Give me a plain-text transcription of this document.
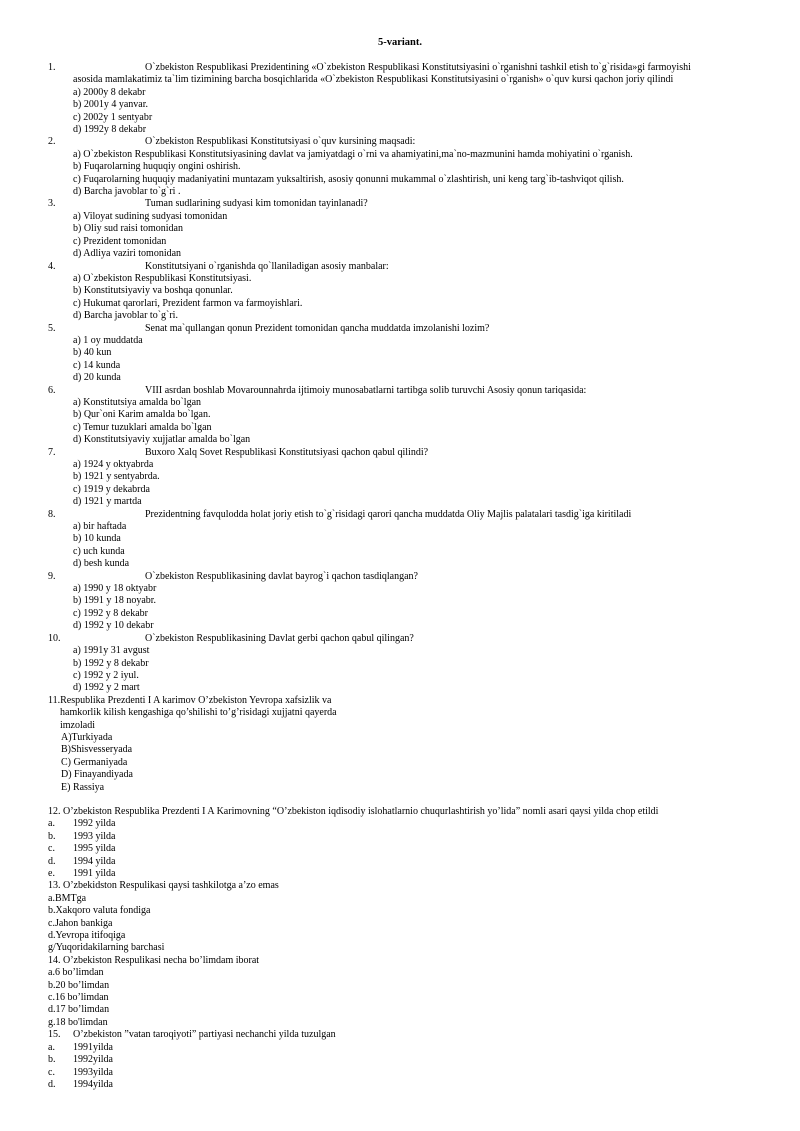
5-variant.
1.	O`zbekiston Respublikasi Prezidentining «O`zbekiston Respublikasi Konstitutsiyasini o`rganishni tashkil etish to`g`risida»gi farmoyishi
asosida mamlakatimiz ta`lim tizimining barcha bosqichlarida «O`zbekiston Respublikasi Konstitutsiyasini o`rganish» o`quv kursi qachon joriy qilindi
a) 2000y 8 dekabr
b) 2001y 4 yanvar.
c) 2002y 1 sentyabr
d) 1992y 8 dekabr
2.	O`zbekiston Respublikasi Konstitutsiyasi o`quv kursining maqsadi:
a) O`zbekiston Respublikasi Konstitutsiyasining davlat va jamiyatdagi o`rni va ahamiyatini,ma`no-mazmunini hamda mohiyatini o`rganish.
b) Fuqarolarning huquqiy ongini oshirish.
c) Fuqarolarning huquqiy madaniyatini muntazam yuksaltirish, asosiy qonunni mukammal o`zlashtirish, uni keng targ`ib-tashviqot qilish.
d) Barcha javoblar to`g`ri .
3.	Tuman sudlarining sudyasi kim tomonidan tayinlanadi?
a) Viloyat sudining sudyasi tomonidan
b) Oliy sud raisi tomonidan
c) Prezident tomonidan
d) Adliya vaziri tomonidan
4.	Konstitutsiyani o`rganishda qo`llaniladigan asosiy manbalar:
a) O`zbekiston Respublikasi Konstitutsiyasi.
b) Konstitutsiyaviy va boshqa qonunlar.
c) Hukumat qarorlari, Prezident farmon va farmoyishlari.
d) Barcha javoblar to`g`ri.
5.	Senat ma`qullangan qonun Prezident tomonidan qancha muddatda imzolanishi lozim?
a) 1 oy muddatda
b) 40 kun
c) 14 kunda
d) 20 kunda
6.	VIII asrdan boshlab Movarounnahrda ijtimoiy munosabatlarni tartibga solib turuvchi Asosiy qonun tariqasida:
a) Konstitutsiya amalda bo`lgan
b) Qur`oni Karim amalda bo`lgan.
c) Temur tuzuklari amalda bo`lgan
d) Konstitutsiyaviy xujjatlar amalda bo`lgan
7.	Buxoro Xalq Sovet Respublikasi Konstitutsiyasi qachon qabul qilindi?
a) 1924 y oktyabrda
b) 1921 y sentyabrda.
c) 1919 y dekabrda
d) 1921 y martda
8.	Prezidentning favqulodda holat joriy etish to`g`risidagi qarori qancha muddatda Oliy Majlis palatalari tasdig`iga kiritiladi
a) bir haftada
b) 10 kunda
c) uch kunda
d) besh kunda
9.	O`zbekiston Respublikasining davlat bayrog`i qachon tasdiqlangan?
a) 1990 y 18 oktyabr
b) 1991 y 18 noyabr.
c) 1992 y 8 dekabr
d) 1992 y 10 dekabr
10.	O`zbekiston Respublikasining Davlat gerbi qachon qabul qilingan?
a) 1991y 31 avgust
b) 1992 y 8 dekabr
c) 1992 y 2 iyul.
d) 1992 y 2 mart
11.Respublika Prezdenti I A karimov O’zbekiston Yevropa xafsizlik va
hamkorlik kilish kengashiga qo’shilishi to’g’risidagi xujjatni qayerda
imzoladi
A)Turkiyada
B)Shisvesseryada
C) Germaniyada
D) Finayandiyada
E) Rassiya
12. O’zbekiston Respublika Prezdenti I A Karimovning “O’zbekiston iqdisodiy islohatlarnio chuqurlashtirish yo’lida” nomli asari qaysi yilda chop etildi
a. 1992 yilda
b. 1993 yilda
c. 1995 yilda
d. 1994 yilda
e. 1991 yilda
13. O’zbekidston Respulikasi qaysi tashkilotga a’zo emas
a.BMTga
b.Xakqoro valuta fondiga
c.Jahon bankiga
d.Yevropa itifoqiga
g/Yuqoridakilarning barchasi
14. O’zbekiston Respulikasi necha bo’limdam iborat
a.6 bo’limdan
b.20 bo’limdan
c.16 bo’limdan
d.17 bo’limdan
g.18 bo'limdan
15.     O’zbekiston ”vatan taroqiyoti” partiyasi nechanchi yilda tuzulgan
a. 1991yilda
b. 1992yilda
c. 1993yilda
d. 1994yilda
